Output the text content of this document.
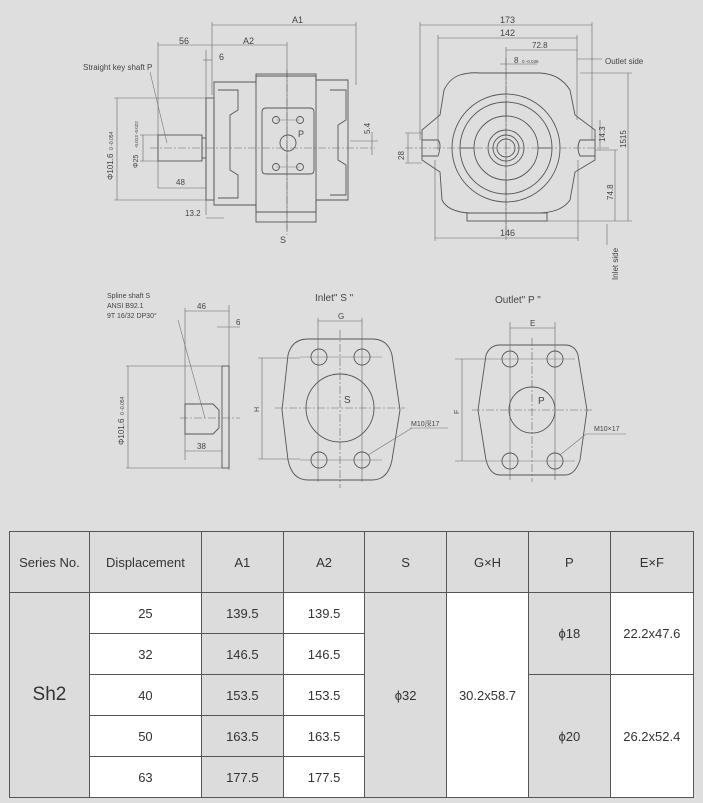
A1
A2
56
6
Straight key shaft P
P
Φ101.6
0 -0.054
Φ25
-0.013 -0.022
48
13.2
5.4
S
173
142
72.8
8 0 -0.036	Outlet side
1515
74.8
14.3
28
146
Inlet side
Spline shaft S
ANSI B92.1
9T 16/32 DP30°
46
6
Φ101.6
0 -0.054
38
Inlet" S "
G
S
H
M10深17
Outlet" P "
E
P
F
M10×17
Series No.	Displacement	A1	A2	S	G×H	P	E×F
Sh2	25	139.5	139.5	ϕ32	30.2x58.7	ϕ18	22.2x47.6
	32	146.5	146.5				
	40	153.5	153.5			ϕ20	26.2x52.4
	50	163.5	163.5				
	63	177.5	177.5				
